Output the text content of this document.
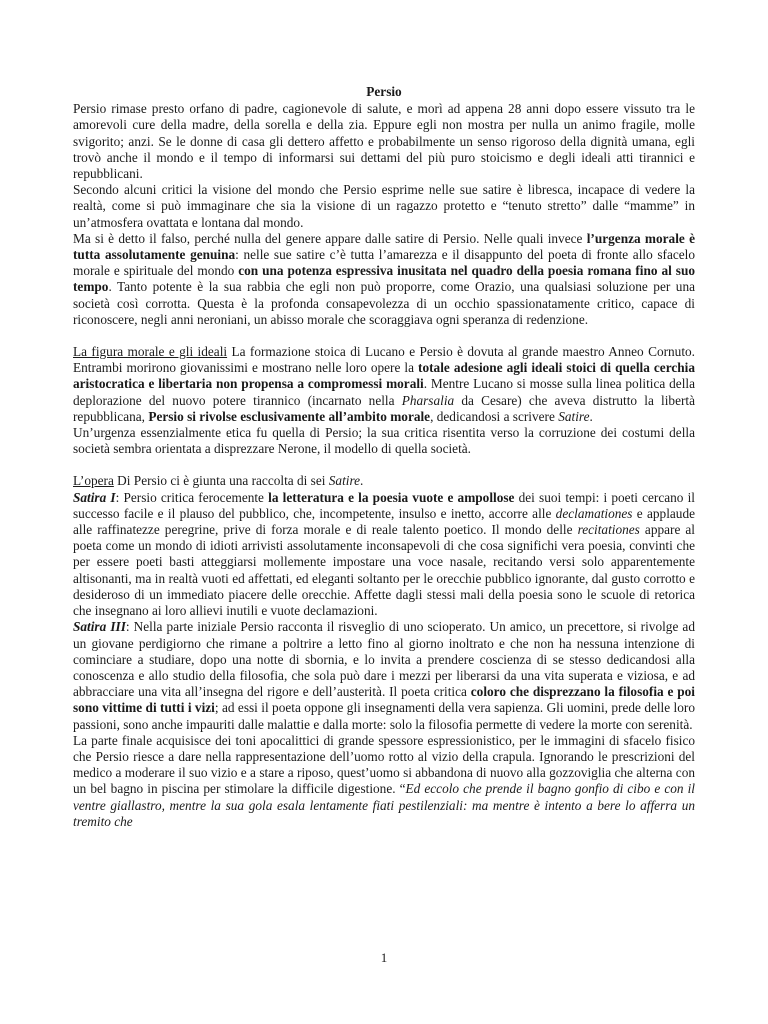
Persio

Persio rimase presto orfano di padre, cagionevole di salute, e morì ad appena 28 anni dopo essere vissuto tra le amorevoli cure della madre, della sorella e della zia. Eppure egli non mostra per nulla un animo fragile, molle svigorito; anzi. Se le donne di casa gli dettero affetto e probabilmente un senso rigoroso della dignità umana, egli trovò anche il mondo e il tempo di informarsi sui dettami del più puro stoicismo e degli ideali atti tirannici e repubblicani.

Secondo alcuni critici la visione del mondo che Persio esprime nelle sue satire è libresca, incapace di vedere la realtà, come si può immaginare che sia la visione di un ragazzo protetto e “tenuto stretto” dalle “mamme” in un’atmosfera ovattata e lontana dal mondo.

Ma si è detto il falso, perché nulla del genere appare dalle satire di Persio. Nelle quali invece l’urgenza morale è tutta assolutamente genuina: nelle sue satire c’è tutta l’amarezza e il disappunto del poeta di fronte allo sfacelo morale e spirituale del mondo con una potenza espressiva inusitata nel quadro della poesia romana fino al suo tempo. Tanto potente è la sua rabbia che egli non può proporre, come Orazio, una qualsiasi soluzione per una società così corrotta. Questa è la profonda consapevolezza di un occhio spassionatamente critico, capace di riconoscere, negli anni neroniani, un abisso morale che scoraggiava ogni speranza di redenzione.

La figura morale e gli ideali La formazione stoica di Lucano e Persio è dovuta al grande maestro Anneo Cornuto. Entrambi morirono giovanissimi e mostrano nelle loro opere la totale adesione agli ideali stoici di quella cerchia aristocratica e libertaria non propensa a compromessi morali. Mentre Lucano si mosse sulla linea politica della deplorazione del nuovo potere tirannico (incarnato nella Pharsalia da Cesare) che aveva distrutto la libertà repubblicana, Persio si rivolse esclusivamente all’ambito morale, dedicandosi a scrivere Satire.

Un’urgenza essenzialmente etica fu quella di Persio; la sua critica risentita verso la corruzione dei costumi della società sembra orientata a disprezzare Nerone, il modello di quella società.

L’opera Di Persio ci è giunta una raccolta di sei Satire.

Satira I: Persio critica ferocemente la letteratura e la poesia vuote e ampollose dei suoi tempi: i poeti cercano il successo facile e il plauso del pubblico, che, incompetente, insulso e inetto, accorre alle declamationes e applaude alle raffinatezze peregrine, prive di forza morale e di reale talento poetico. Il mondo delle recitationes appare al poeta come un mondo di idioti arrivisti assolutamente inconsapevoli di che cosa significhi vera poesia, convinti che per essere poeti basti atteggiarsi mollemente impostare una voce nasale, recitando versi solo apparentemente altisonanti, ma in realtà vuoti ed affettati, ed eleganti soltanto per le orecchie pubblico ignorante, dal gusto corrotto e desideroso di un immediato piacere delle orecchie. Affette dagli stessi mali della poesia sono le scuole di retorica che insegnano ai loro allievi inutili e vuote declamazioni.

Satira III: Nella parte iniziale Persio racconta il risveglio di uno scioperato. Un amico, un precettore, si rivolge ad un giovane perdigiorno che rimane a poltrire a letto fino al giorno inoltrato e che non ha nessuna intenzione di cominciare a studiare, dopo una notte di sbornia, e lo invita a prendere coscienza di se stesso dedicandosi alla conoscenza e allo studio della filosofia, che sola può dare i mezzi per liberarsi da una vita superata e viziosa, e ad abbracciare una vita all’insegna del rigore e dell’austerità. Il poeta critica coloro che disprezzano la filosofia e poi sono vittime di tutti i vizi; ad essi il poeta oppone gli insegnamenti della vera sapienza. Gli uomini, prede delle loro passioni, sono anche impauriti dalle malattie e dalla morte: solo la filosofia permette di vedere la morte con serenità.

La parte finale acquisisce dei toni apocalittici di grande spessore espressionistico, per le immagini di sfacelo fisico che Persio riesce a dare nella rappresentazione dell’uomo rotto al vizio della crapula. Ignorando le prescrizioni del medico a moderare il suo vizio e a stare a riposo, quest’uomo si abbandona di nuovo alla gozzoviglia che alterna con un bel bagno in piscina per stimolare la difficile digestione. “Ed eccolo che prende il bagno gonfio di cibo e con il ventre giallastro, mentre la sua gola esala lentamente fiati pestilenziali: ma mentre è intento a bere lo afferra un tremito che

1
